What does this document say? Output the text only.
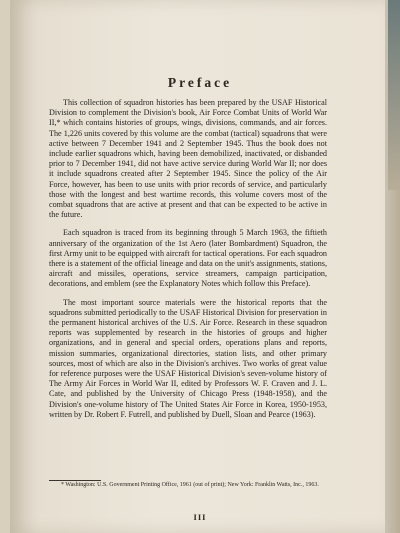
Preface

This collection of squadron histories has been prepared by the USAF Historical Division to complement the Division's book, Air Force Combat Units of World War II,* which contains histories of groups, wings, divisions, commands, and air forces. The 1,226 units covered by this volume are the combat (tactical) squadrons that were active between 7 December 1941 and 2 September 1945. Thus the book does not include earlier squadrons which, having been demobilized, inactivated, or disbanded prior to 7 December 1941, did not have active service during World War II; nor does it include squadrons created after 2 September 1945. Since the policy of the Air Force, however, has been to use units with prior records of service, and particularly those with the longest and best wartime records, this volume covers most of the combat squadrons that are active at present and that can be expected to be active in the future.

Each squadron is traced from its beginning through 5 March 1963, the fiftieth anniversary of the organization of the 1st Aero (later Bombardment) Squadron, the first Army unit to be equipped with aircraft for tactical operations. For each squadron there is a statement of the official lineage and data on the unit's assignments, stations, aircraft and missiles, operations, service streamers, campaign participation, decorations, and emblem (see the Explanatory Notes which follow this Preface).

The most important source materials were the historical reports that the squadrons submitted periodically to the USAF Historical Division for preservation in the permanent historical archives of the U.S. Air Force. Research in these squadron reports was supplemented by research in the histories of groups and higher organizations, and in general and special orders, operations plans and reports, mission summaries, organizational directories, station lists, and other primary sources, most of which are also in the Division's archives. Two works of great value for reference purposes were the USAF Historical Division's seven-volume history of The Army Air Forces in World War II, edited by Professors W. F. Craven and J. L. Cate, and published by the University of Chicago Press (1948-1958), and the Division's one-volume history of The United States Air Force in Korea, 1950-1953, written by Dr. Robert F. Futrell, and published by Duell, Sloan and Pearce (1963).

* Washington: U.S. Government Printing Office, 1961 (out of print); New York: Franklin Watts, Inc., 1963.
III
